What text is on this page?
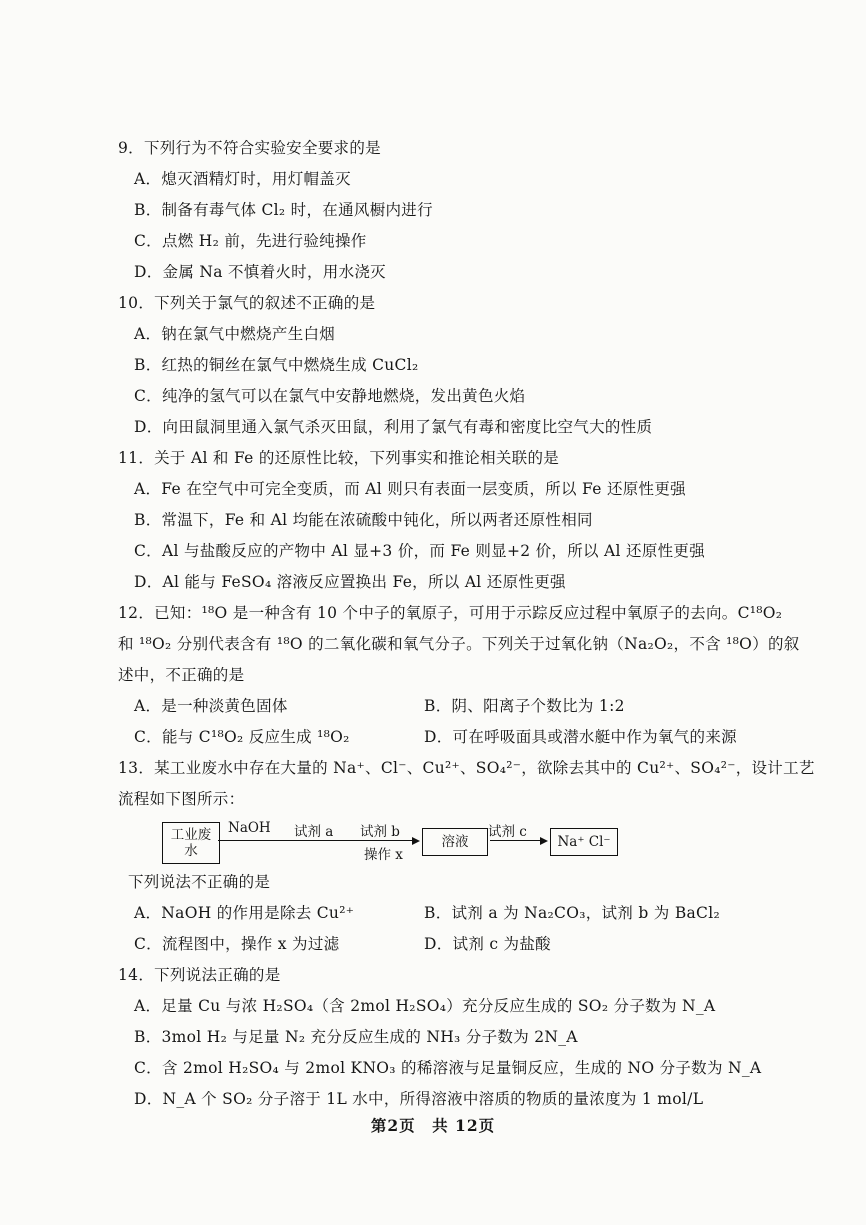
9．下列行为不符合实验安全要求的是
A．熄灭酒精灯时，用灯帽盖灭
B．制备有毒气体 Cl₂ 时，在通风橱内进行
C．点燃 H₂ 前，先进行验纯操作
D．金属 Na 不慎着火时，用水浇灭
10．下列关于氯气的叙述不正确的是
A．钠在氯气中燃烧产生白烟
B．红热的铜丝在氯气中燃烧生成 CuCl₂
C．纯净的氢气可以在氯气中安静地燃烧，发出黄色火焰
D．向田鼠洞里通入氯气杀灭田鼠，利用了氯气有毒和密度比空气大的性质
11．关于 Al 和 Fe 的还原性比较，下列事实和推论相关联的是
A．Fe 在空气中可完全变质，而 Al 则只有表面一层变质，所以 Fe 还原性更强
B．常温下，Fe 和 Al 均能在浓硫酸中钝化，所以两者还原性相同
C．Al 与盐酸反应的产物中 Al 显+3 价，而 Fe 则显+2 价，所以 Al 还原性更强
D．Al 能与 FeSO₄ 溶液反应置换出 Fe，所以 Al 还原性更强
12．已知：¹⁸O 是一种含有 10 个中子的氧原子，可用于示踪反应过程中氧原子的去向。C¹⁸O₂
和 ¹⁸O₂ 分别代表含有 ¹⁸O 的二氧化碳和氧气分子。下列关于过氧化钠（Na₂O₂，不含 ¹⁸O）的叙
述中，不正确的是
A．是一种淡黄色固体	B．阴、阳离子个数比为 1:2
C．能与 C¹⁸O₂ 反应生成 ¹⁸O₂	D．可在呼吸面具或潜水艇中作为氧气的来源
13．某工业废水中存在大量的 Na⁺、Cl⁻、Cu²⁺、SO₄²⁻，欲除去其中的 Cu²⁺、SO₄²⁻，设计工艺
流程如下图所示：
工业废水
NaOH 试剂 a 试剂 b
操作 x
溶液
试剂 c
Na⁺ Cl⁻
下列说法不正确的是
A．NaOH 的作用是除去 Cu²⁺	B．试剂 a 为 Na₂CO₃，试剂 b 为 BaCl₂
C．流程图中，操作 x 为过滤	D．试剂 c 为盐酸
14．下列说法正确的是
A．足量 Cu 与浓 H₂SO₄（含 2mol H₂SO₄）充分反应生成的 SO₂ 分子数为 N_A
B．3mol H₂ 与足量 N₂ 充分反应生成的 NH₃ 分子数为 2N_A
C．含 2mol H₂SO₄ 与 2mol KNO₃ 的稀溶液与足量铜反应，生成的 NO 分子数为 N_A
D．N_A 个 SO₂ 分子溶于 1L 水中，所得溶液中溶质的物质的量浓度为 1 mol/L
第2页　共 12页
